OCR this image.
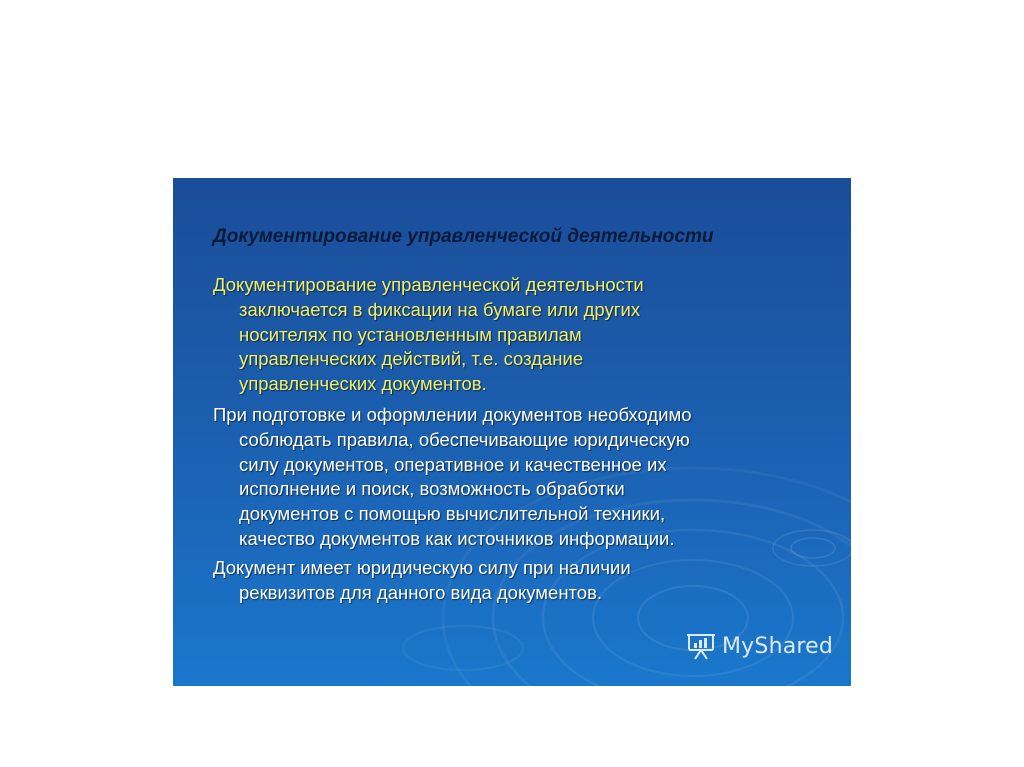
Документирование управленческой деятельности

Документирование управленческой деятельности
заключается в фиксации на бумаге или других
носителях по установленным правилам
управленческих действий, т.е. создание
управленческих документов.

При подготовке и оформлении документов необходимо
соблюдать правила, обеспечивающие юридическую
силу документов, оперативное и качественное их
исполнение и поиск, возможность обработки
документов с помощью вычислительной техники,
качество документов как источников информации.

Документ имеет юридическую силу при наличии
реквизитов для данного вида документов.

MyShared
